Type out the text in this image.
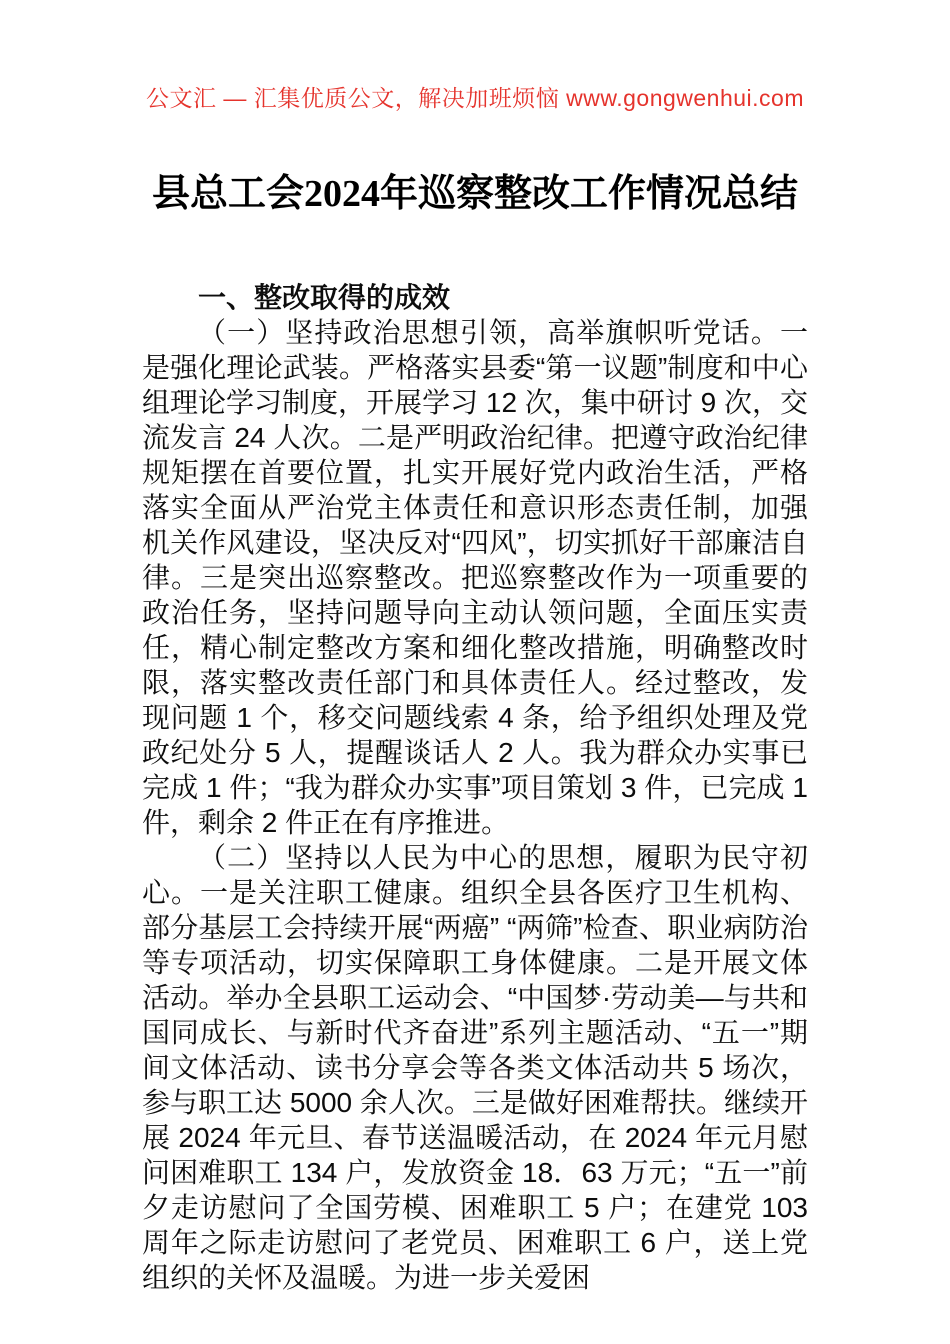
公文汇 — 汇集优质公文，解决加班烦恼 www.gongwenhui.com
县总工会2024年巡察整改工作情况总结

一、整改取得的成效

（一）坚持政治思想引领，高举旗帜听党话。一是强化理论武装。严格落实县委“第一议题”制度和中心组理论学习制度，开展学习 12 次，集中研讨 9 次，交流发言 24 人次。二是严明政治纪律。把遵守政治纪律规矩摆在首要位置，扎实开展好党内政治生活，严格落实全面从严治党主体责任和意识形态责任制，加强机关作风建设，坚决反对“四风”，切实抓好干部廉洁自律。三是突出巡察整改。把巡察整改作为一项重要的政治任务，坚持问题导向主动认领问题，全面压实责任，精心制定整改方案和细化整改措施，明确整改时限，落实整改责任部门和具体责任人。经过整改，发现问题 1 个，移交问题线索 4 条，给予组织处理及党政纪处分 5 人，提醒谈话人 2 人。我为群众办实事已完成 1 件；“我为群众办实事”项目策划 3 件，已完成 1 件，剩余 2 件正在有序推进。

（二）坚持以人民为中心的思想，履职为民守初心。一是关注职工健康。组织全县各医疗卫生机构、部分基层工会持续开展“两癌” “两筛”检查、职业病防治等专项活动，切实保障职工身体健康。二是开展文体活动。举办全县职工运动会、“中国梦·劳动美—与共和国同成长、与新时代齐奋进”系列主题活动、“五一”期间文体活动、读书分享会等各类文体活动共 5 场次，参与职工达 5000 余人次。三是做好困难帮扶。继续开展 2024 年元旦、春节送温暖活动，在 2024 年元月慰问困难职工 134 户，发放资金 18．63 万元；“五一”前夕走访慰问了全国劳模、困难职工 5 户；在建党 103 周年之际走访慰问了老党员、困难职工 6 户，送上党组织的关怀及温暖。为进一步关爱困
